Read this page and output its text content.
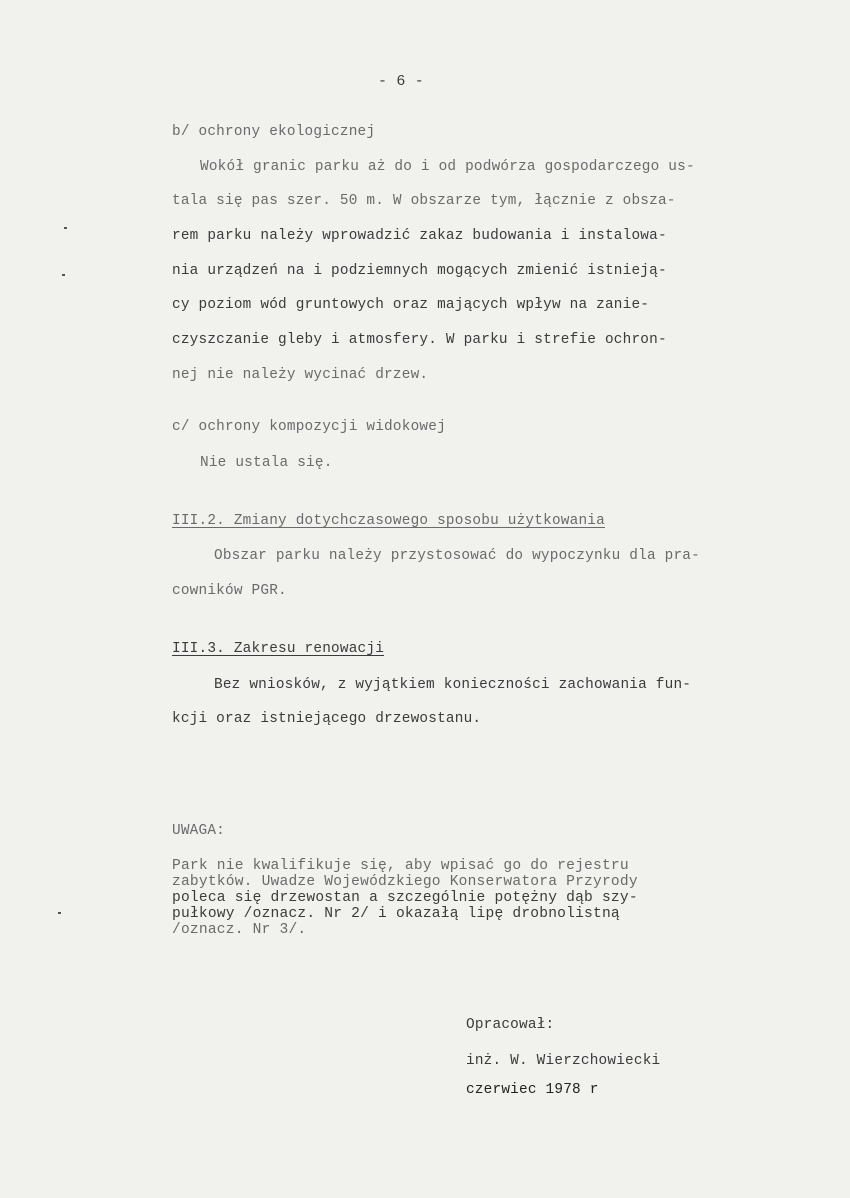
- 6 -
b/ ochrony ekologicznej
Wokół granic parku aż do i od podwórza gospodarczego us-
tala się pas szer. 50 m. W obszarze tym, łącznie z obsza-
rem parku należy wprowadzić zakaz budowania i instalowa-
nia urządzeń na i podziemnych mogących zmienić istnieją-
cy poziom wód gruntowych oraz mających wpływ na zanie-
czyszczanie gleby i atmosfery. W parku i strefie ochron-
nej nie należy wycinać drzew.
c/ ochrony kompozycji widokowej
Nie ustala się.
III.2. Zmiany dotychczasowego sposobu użytkowania
Obszar parku należy przystosować do wypoczynku dla pra-
cowników PGR.
III.3. Zakresu renowacji
Bez wniosków, z wyjątkiem konieczności zachowania fun-
kcji oraz istniejącego drzewostanu.
UWAGA:
Park nie kwalifikuje się, aby wpisać go do rejestru
zabytków. Uwadze Wojewódzkiego Konserwatora Przyrody
poleca się drzewostan a szczególnie potężny dąb szy-
pułkowy /oznacz. Nr 2/ i okazałą lipę drobnolistną
/oznacz. Nr 3/.
Opracował:
inż. W. Wierzchowiecki
czerwiec 1978 r
